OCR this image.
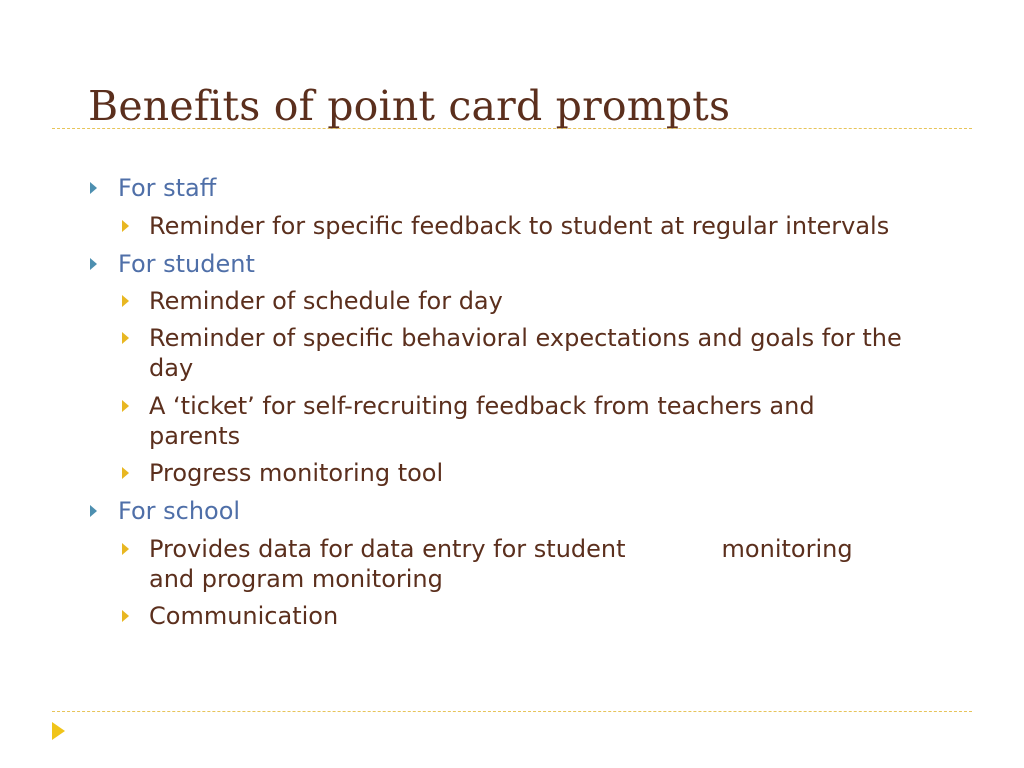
Benefits of point card prompts
For staff
Reminder for specific feedback to student at regular intervals
For student
Reminder of schedule for day
Reminder of specific behavioral expectations and goals for the
day
A ‘ticket’ for self-recruiting feedback from teachers and
parents
Progress monitoring tool
For school
Provides data for data entry for student	monitoring
and program monitoring
Communication
